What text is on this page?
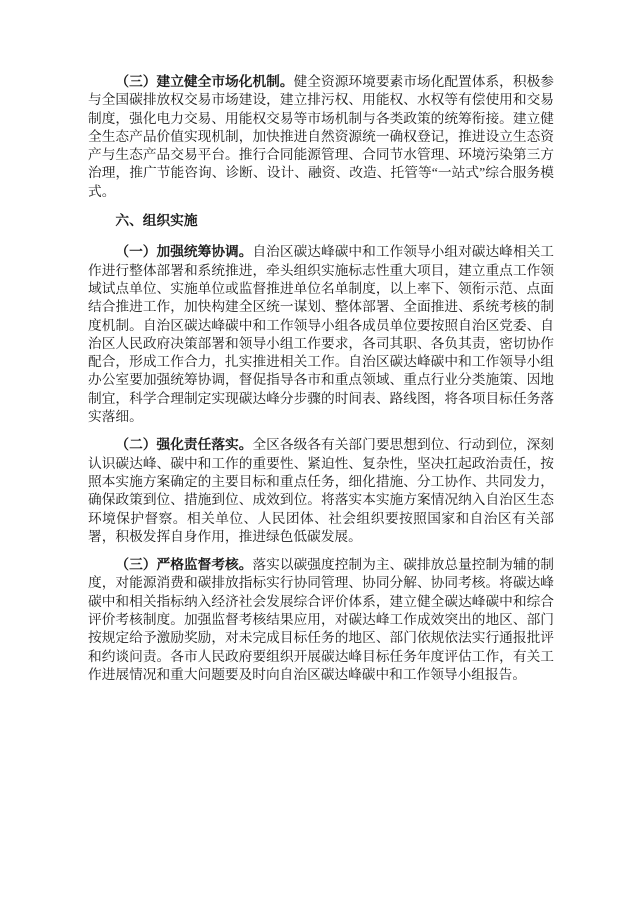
（三）建立健全市场化机制。健全资源环境要素市场化配置体系，积极参与全国碳排放权交易市场建设，建立排污权、用能权、水权等有偿使用和交易制度，强化电力交易、用能权交易等市场机制与各类政策的统筹衔接。建立健全生态产品价值实现机制，加快推进自然资源统一确权登记，推进设立生态资产与生态产品交易平台。推行合同能源管理、合同节水管理、环境污染第三方治理，推广节能咨询、诊断、设计、融资、改造、托管等“一站式”综合服务模式。

六、组织实施

（一）加强统筹协调。自治区碳达峰碳中和工作领导小组对碳达峰相关工作进行整体部署和系统推进，牵头组织实施标志性重大项目，建立重点工作领域试点单位、实施单位或监督推进单位名单制度，以上率下、领衔示范、点面结合推进工作，加快构建全区统一谋划、整体部署、全面推进、系统考核的制度机制。自治区碳达峰碳中和工作领导小组各成员单位要按照自治区党委、自治区人民政府决策部署和领导小组工作要求，各司其职、各负其责，密切协作配合，形成工作合力，扎实推进相关工作。自治区碳达峰碳中和工作领导小组办公室要加强统筹协调，督促指导各市和重点领域、重点行业分类施策、因地制宜，科学合理制定实现碳达峰分步骤的时间表、路线图，将各项目标任务落实落细。

（二）强化责任落实。全区各级各有关部门要思想到位、行动到位，深刻认识碳达峰、碳中和工作的重要性、紧迫性、复杂性，坚决扛起政治责任，按照本实施方案确定的主要目标和重点任务，细化措施、分工协作、共同发力，确保政策到位、措施到位、成效到位。将落实本实施方案情况纳入自治区生态环境保护督察。相关单位、人民团体、社会组织要按照国家和自治区有关部署，积极发挥自身作用，推进绿色低碳发展。

（三）严格监督考核。落实以碳强度控制为主、碳排放总量控制为辅的制度，对能源消费和碳排放指标实行协同管理、协同分解、协同考核。将碳达峰碳中和相关指标纳入经济社会发展综合评价体系，建立健全碳达峰碳中和综合评价考核制度。加强监督考核结果应用，对碳达峰工作成效突出的地区、部门按规定给予激励奖励，对未完成目标任务的地区、部门依规依法实行通报批评和约谈问责。各市人民政府要组织开展碳达峰目标任务年度评估工作，有关工作进展情况和重大问题要及时向自治区碳达峰碳中和工作领导小组报告。
